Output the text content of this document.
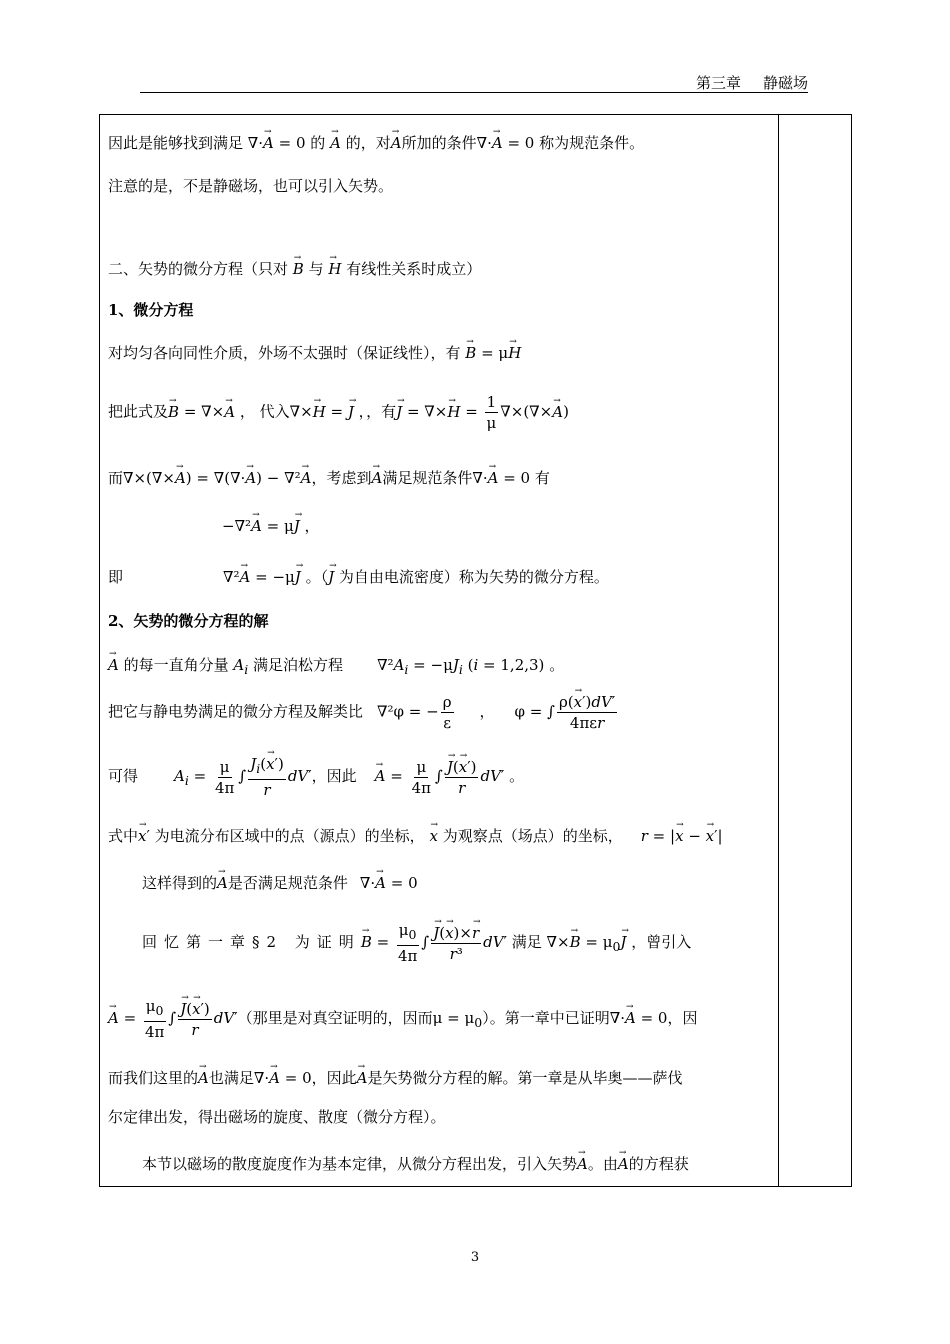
第三章 静磁场
因此是能够找到满足 ∇·→ A = 0 的 → A 的，对→ A所加的条件∇·→ A = 0 称为规范条件。
注意的是，不是静磁场，也可以引入矢势。
二、矢势的微分方程（只对 → B 与 → H 有线性关系时成立）
1、微分方程
对均匀各向同性介质，外场不太强时（保证线性），有 → B = μ→ H
把此式及→ B = ∇×→ A ， 代入∇×→ H = → J ，，有→ J = ∇×→ $H = \frac{1}{\mu}$ ∇×(∇×→ A)
而∇×(∇×→ A) = ∇(∇·→ A) − ∇²→ A，考虑到→ A满足规范条件∇·→ A = 0 有
−∇²→ A = μ→ J ，
即	∇²→ A = −μ→ J 。（→ J 为自由电流密度）称为矢势的微分方程。
2、矢势的微分方程的解
→ A 的每一直角分量 $A_i$ 满足泊松方程 $\nabla^2A_i = -\mu J_i$ (i = 1,2,3) 。
把它与静电势满足的微分方程及解类比 ∇²φ = − $\frac{\rho}{\varepsilon}$ ， φ = ∫ $\frac{\rho(\to x')dV'}{\text{4πεr}}$
可得 $A_i = \frac{\mu}{4\pi}$ ∫ $\frac{J_i(\to x')}{r} dV'$，因此 → $A = \frac{\mu}{4\pi}$ ∫ → $\frac{J(\to x')}{r} dV'$ 。
式中→ x′ 为电流分布区域中的点（源点）的坐标， → x 为观察点（场点）的坐标， r = |→ x − → x′|
这样得到的→ A是否满足规范条件 ∇·→ A = 0
回忆第一章§2 为证明→ $B = \frac{\mu_0}{4\pi}$ ∫ → $\frac{J(\to x)\times\to r}{\text{r³}} dV'$ 满足 ∇×→ $B = \mu_0\to J$ ，曾引入
→ $A = \frac{\mu_0}{4\pi}$ ∫ → $\frac{J(\to x')}{r} dV'$（那里是对真空证明的，因而$\mu = \mu_0$）。第一章中已证明∇·→ A = 0，因
而我们这里的→ A也满足∇·→ A = 0，因此→ A是矢势微分方程的解。第一章是从毕奥——萨伐
尔定律出发，得出磁场的旋度、散度（微分方程）。
本节以磁场的散度旋度作为基本定律，从微分方程出发，引入矢势→ A。由→ A的方程获
3
